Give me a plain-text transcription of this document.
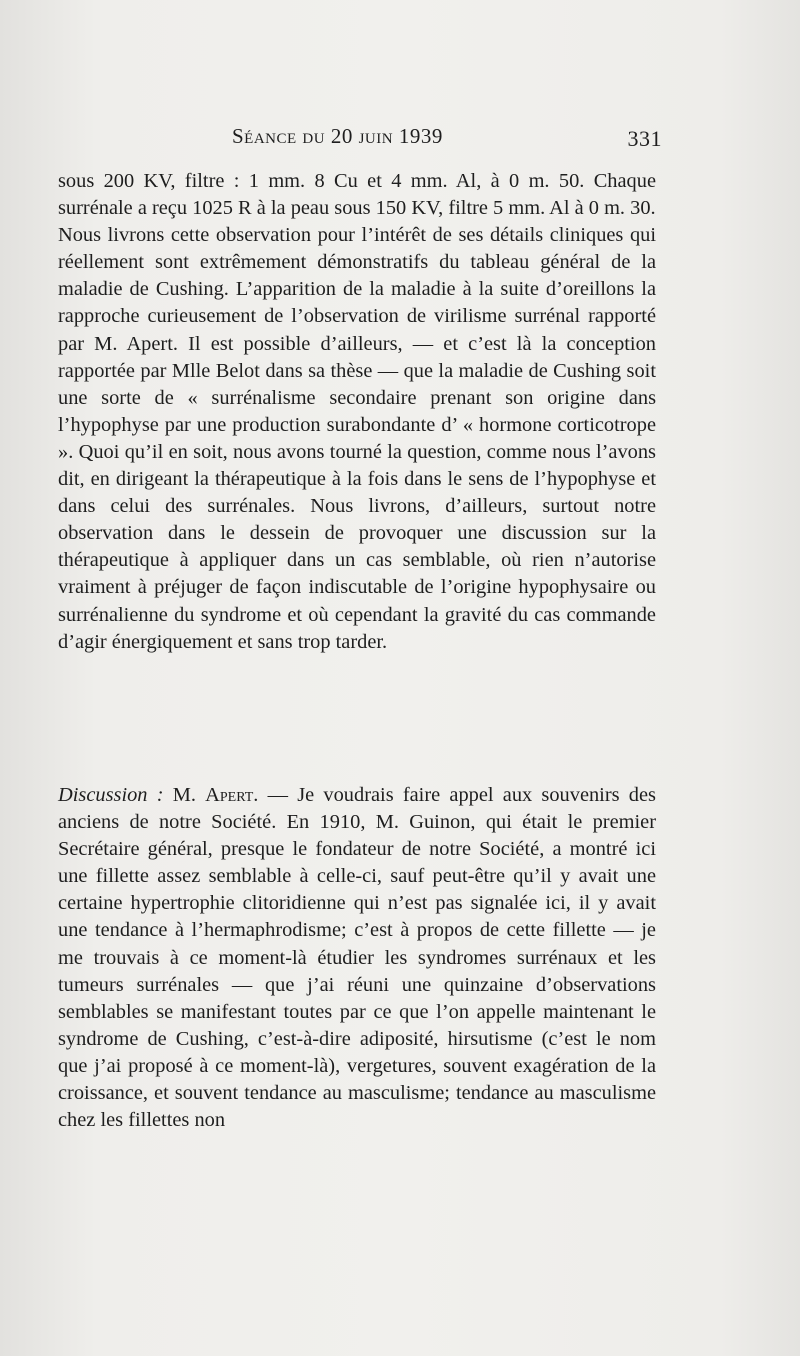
Séance du 20 juin 1939	331

sous 200 KV, filtre : 1 mm. 8 Cu et 4 mm. Al, à 0 m. 50. Chaque surrénale a reçu 1025 R à la peau sous 150 KV, filtre 5 mm. Al à 0 m. 30.

Nous livrons cette observation pour l’intérêt de ses détails cliniques qui réellement sont extrêmement démonstratifs du tableau général de la maladie de Cushing. L’apparition de la maladie à la suite d’oreillons la rapproche curieusement de l’observation de virilisme surrénal rapporté par M. Apert. Il est possible d’ailleurs, — et c’est là la conception rapportée par Mlle Belot dans sa thèse — que la maladie de Cushing soit une sorte de « surrénalisme secondaire prenant son origine dans l’hypophyse par une production surabondante d’ « hormone corticotrope ». Quoi qu’il en soit, nous avons tourné la question, comme nous l’avons dit, en dirigeant la thérapeutique à la fois dans le sens de l’hypophyse et dans celui des surrénales. Nous livrons, d’ailleurs, surtout notre observation dans le dessein de provoquer une discussion sur la thérapeutique à appliquer dans un cas semblable, où rien n’autorise vraiment à préjuger de façon indiscutable de l’origine hypophysaire ou surrénalienne du syndrome et où cependant la gravité du cas commande d’agir énergiquement et sans trop tarder.

Discussion : M. Apert. — Je voudrais faire appel aux souvenirs des anciens de notre Société. En 1910, M. Guinon, qui était le premier Secrétaire général, presque le fondateur de notre Société, a montré ici une fillette assez semblable à celle-ci, sauf peut-être qu’il y avait une certaine hypertrophie clitoridienne qui n’est pas signalée ici, il y avait une tendance à l’hermaphrodisme; c’est à propos de cette fillette — je me trouvais à ce moment-là étudier les syndromes surrénaux et les tumeurs surrénales — que j’ai réuni une quinzaine d’observations semblables se manifestant toutes par ce que l’on appelle maintenant le syndrome de Cushing, c’est-à-dire adiposité, hirsutisme (c’est le nom que j’ai proposé à ce moment-là), vergetures, souvent exagération de la croissance, et souvent tendance au masculisme; tendance au masculisme chez les fillettes non
